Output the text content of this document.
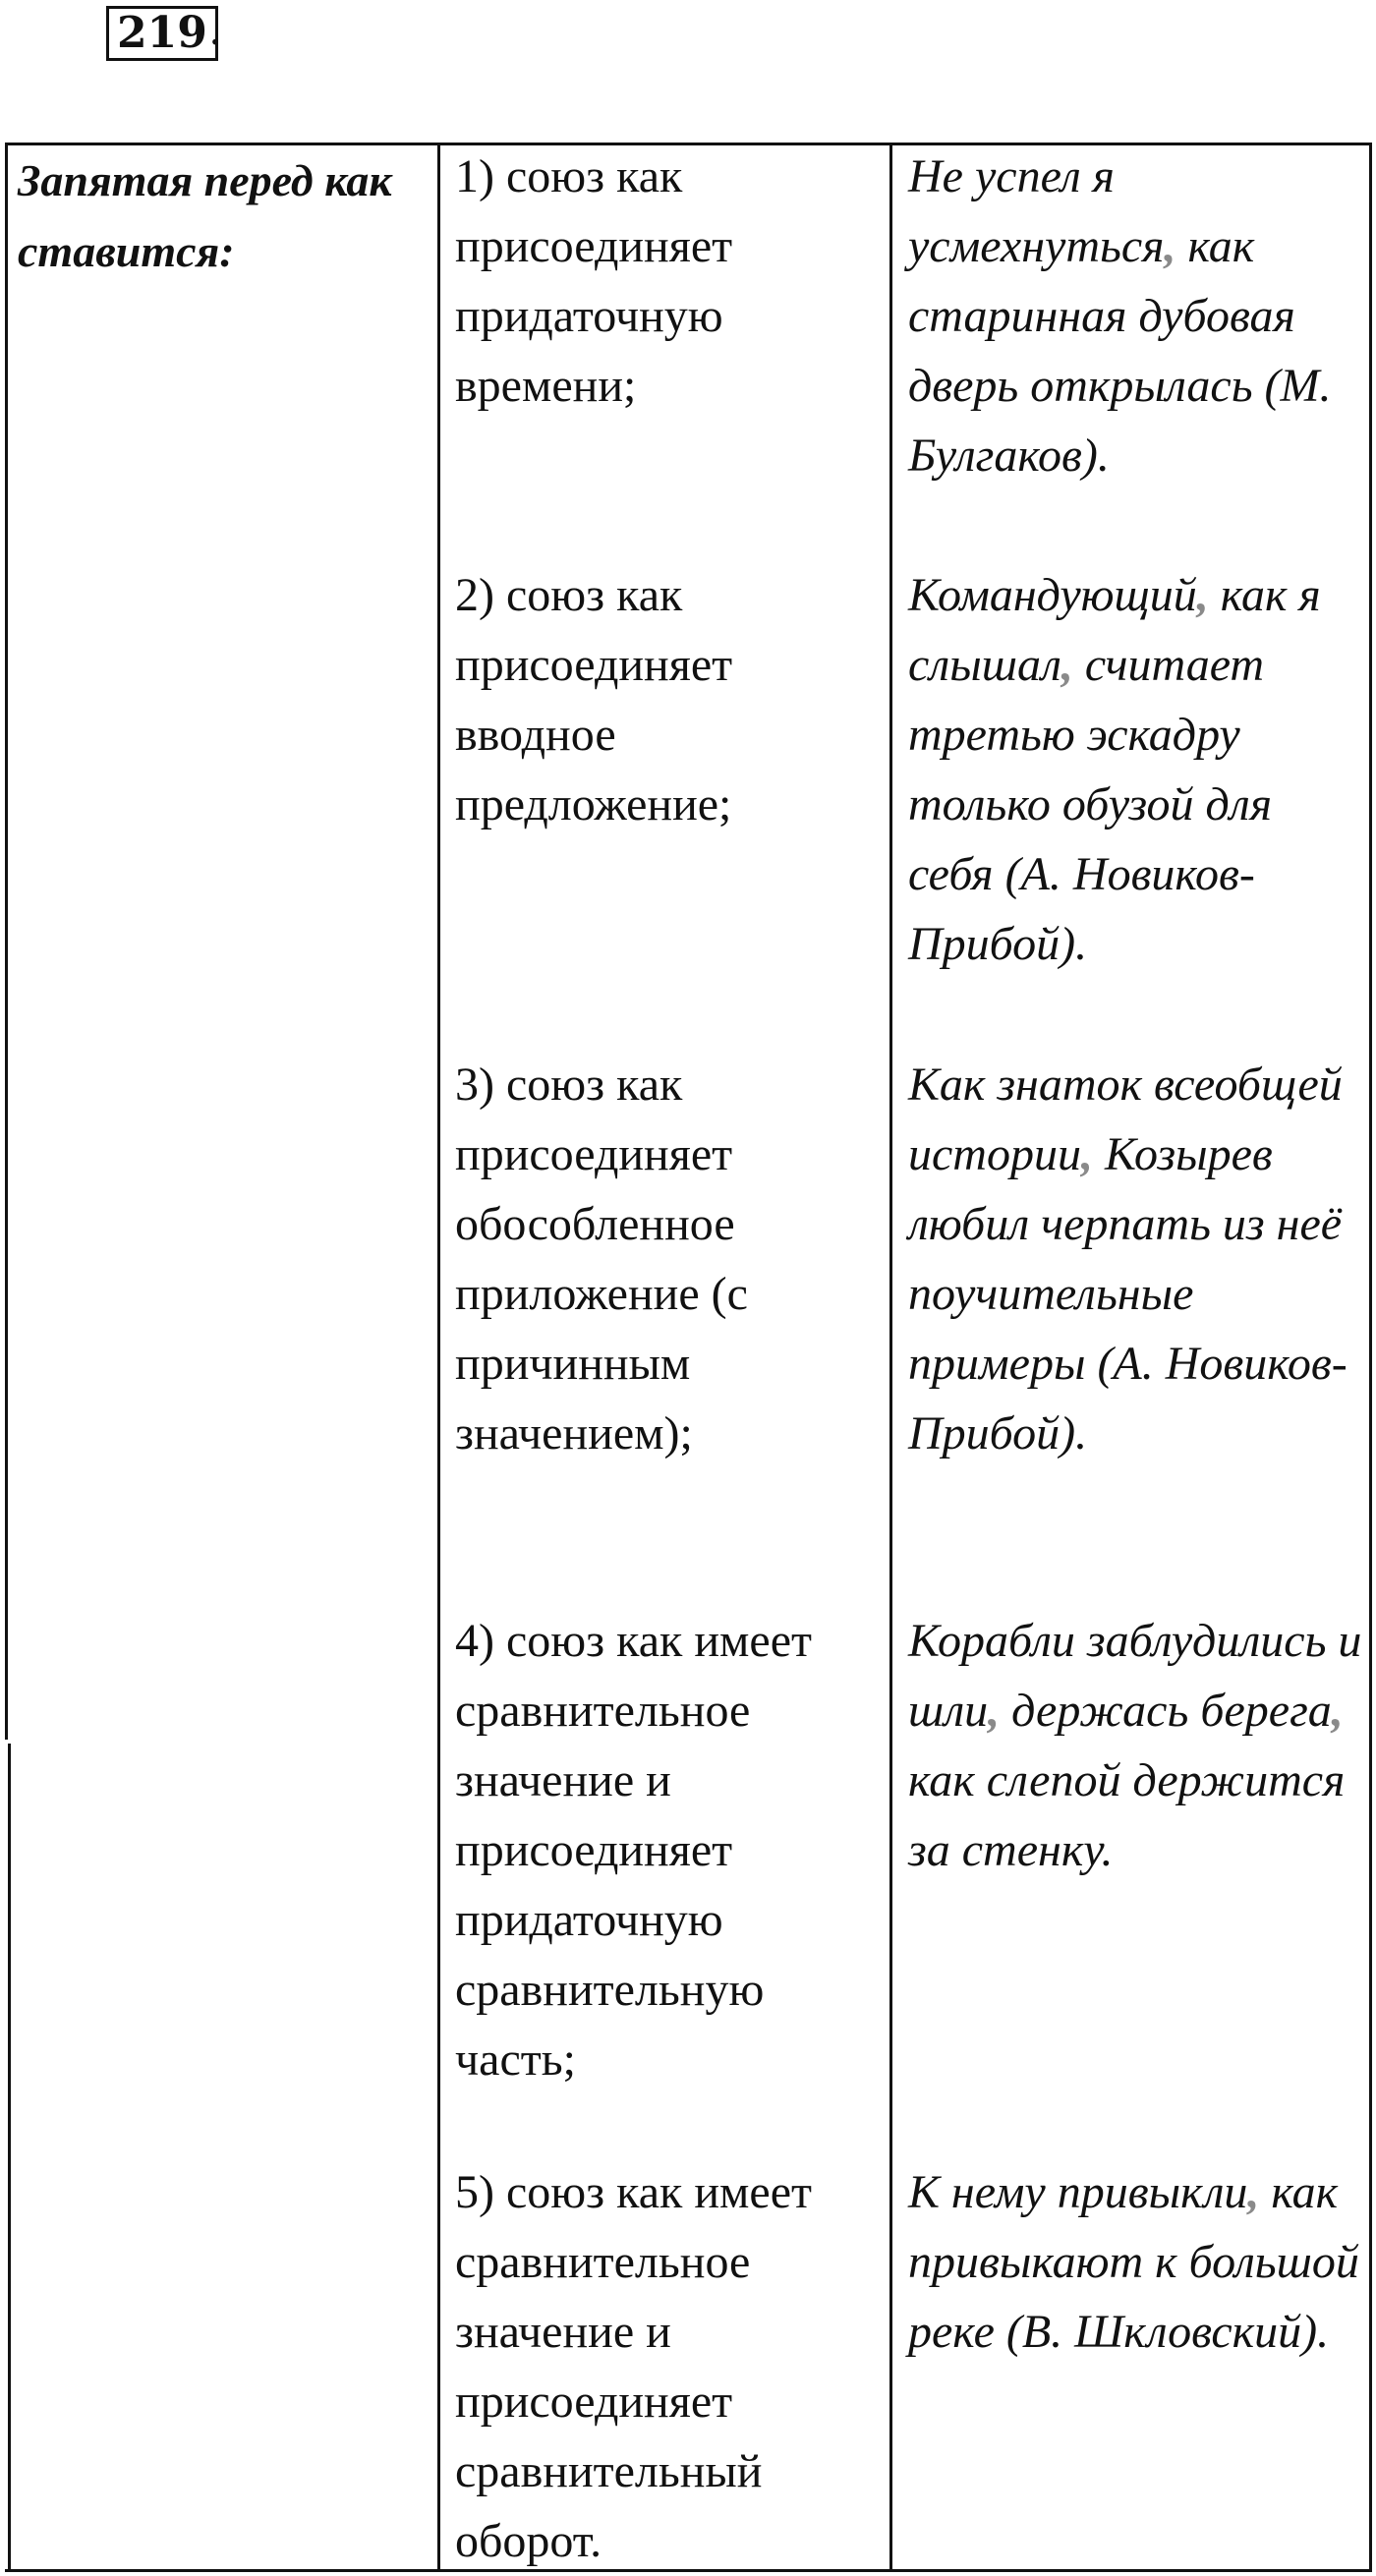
219 .
Запятая перед как ставится:
1) союз как присоединяет придаточную времени;
2) союз как присоединяет вводное предложение;
3) союз как присоединяет обособленное приложение (с причинным значением);
4) союз как имеет сравнительное значение и присоединяет придаточную сравнительную часть;
5) союз как имеет сравнительное значение и присоединяет сравнительный оборот.
Не успел я усмехнуться, как старинная дубовая дверь открылась (М. Булгаков).
Командующий, как я слышал, считает третью эскадру только обузой для себя (А. Новиков-Прибой).
Как знаток всеобщей истории, Козырев любил черпать из неё поучительные примеры (А. Новиков-Прибой).
Корабли заблудились и шли, держась берега, как слепой держится за стенку.
К нему привыкли, как привыкают к большой реке (В. Шкловский).
